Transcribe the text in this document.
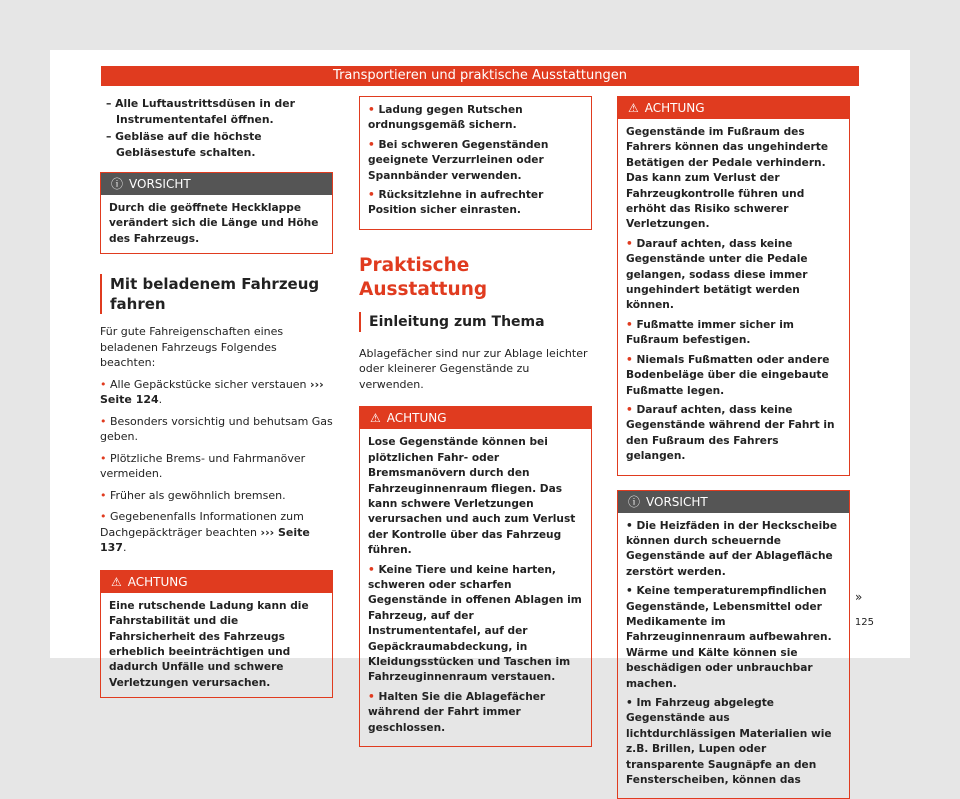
Transportieren und praktische Ausstattungen

– Alle Luftaustrittsdüsen in der Instrumententafel öffnen.

– Gebläse auf die höchste Gebläsestufe schalten.

ⓘ VORSICHT
Durch die geöffnete Heckklappe verändert sich die Länge und Höhe des Fahrzeugs.
Mit beladenem Fahrzeug fahren

Für gute Fahreigenschaften eines beladenen Fahrzeugs Folgendes beachten:

• Alle Gepäckstücke sicher verstauen ››› Seite 124.

• Besonders vorsichtig und behutsam Gas geben.

• Plötzliche Brems- und Fahrmanöver vermeiden.

• Früher als gewöhnlich bremsen.

• Gegebenenfalls Informationen zum Dachgepäckträger beachten ››› Seite 137.

⚠ ACHTUNG
Eine rutschende Ladung kann die Fahrstabilität und die Fahrsicherheit des Fahrzeugs erheblich beeinträchtigen und dadurch Unfälle und schwere Verletzungen verursachen.

• Ladung gegen Rutschen ordnungsgemäß sichern.

• Bei schweren Gegenständen geeignete Verzurrleinen oder Spannbänder verwenden.

• Rücksitzlehne in aufrechter Position sicher einrasten.

Praktische Ausstattung
Einleitung zum Thema

Ablagefächer sind nur zur Ablage leichter oder kleinerer Gegenstände zu verwenden.

⚠ ACHTUNG

Lose Gegenstände können bei plötzlichen Fahr- oder Bremsmanövern durch den Fahrzeuginnenraum fliegen. Das kann schwere Verletzungen verursachen und auch zum Verlust der Kontrolle über das Fahrzeug führen.

• Keine Tiere und keine harten, schweren oder scharfen Gegenstände in offenen Ablagen im Fahrzeug, auf der Instrumententafel, auf der Gepäckraumabdeckung, in Kleidungsstücken und Taschen im Fahrzeuginnenraum verstauen.

• Halten Sie die Ablagefächer während der Fahrt immer geschlossen.

⚠ ACHTUNG

Gegenstände im Fußraum des Fahrers können das ungehinderte Betätigen der Pedale verhindern. Das kann zum Verlust der Fahrzeugkontrolle führen und erhöht das Risiko schwerer Verletzungen.

• Darauf achten, dass keine Gegenstände unter die Pedale gelangen, sodass diese immer ungehindert betätigt werden können.

• Fußmatte immer sicher im Fußraum befestigen.

• Niemals Fußmatten oder andere Bodenbeläge über die eingebaute Fußmatte legen.

• Darauf achten, dass keine Gegenstände während der Fahrt in den Fußraum des Fahrers gelangen.

ⓘ VORSICHT

• Die Heizfäden in der Heckscheibe können durch scheuernde Gegenstände auf der Ablagefläche zerstört werden.

• Keine temperaturempfindlichen Gegenstände, Lebensmittel oder Medikamente im Fahrzeuginnenraum aufbewahren. Wärme und Kälte können sie beschädigen oder unbrauchbar machen.

• Im Fahrzeug abgelegte Gegenstände aus lichtdurchlässigen Materialien wie z.B. Brillen, Lupen oder transparente Saugnäpfe an den Fensterscheiben, können das

»
125
